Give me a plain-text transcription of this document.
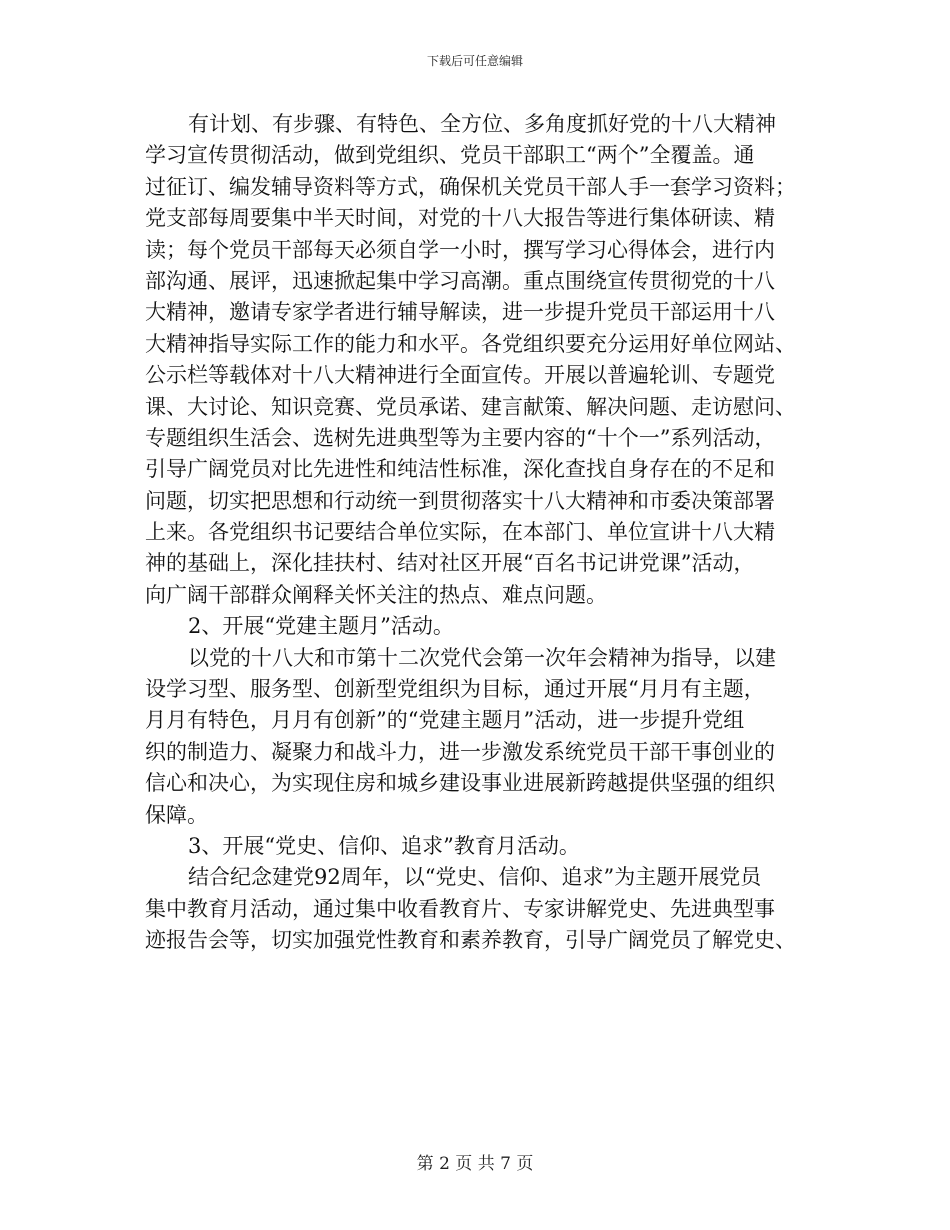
下载后可任意编辑
有计划、有步骤、有特色、全方位、多角度抓好党的十八大精神
学习宣传贯彻活动，做到党组织、党员干部职工“两个”全覆盖。通
过征订、编发辅导资料等方式，确保机关党员干部人手一套学习资料；
党支部每周要集中半天时间，对党的十八大报告等进行集体研读、精
读；每个党员干部每天必须自学一小时，撰写学习心得体会，进行内
部沟通、展评，迅速掀起集中学习高潮。重点围绕宣传贯彻党的十八
大精神，邀请专家学者进行辅导解读，进一步提升党员干部运用十八
大精神指导实际工作的能力和水平。各党组织要充分运用好单位网站、
公示栏等载体对十八大精神进行全面宣传。开展以普遍轮训、专题党
课、大讨论、知识竞赛、党员承诺、建言献策、解决问题、走访慰问、
专题组织生活会、选树先进典型等为主要内容的“十个一”系列活动，
引导广阔党员对比先进性和纯洁性标准，深化查找自身存在的不足和
问题，切实把思想和行动统一到贯彻落实十八大精神和市委决策部署
上来。各党组织书记要结合单位实际，在本部门、单位宣讲十八大精
神的基础上，深化挂扶村、结对社区开展“百名书记讲党课”活动，
向广阔干部群众阐释关怀关注的热点、难点问题。
2、开展“党建主题月”活动。
以党的十八大和市第十二次党代会第一次年会精神为指导，以建
设学习型、服务型、创新型党组织为目标，通过开展“月月有主题，
月月有特色，月月有创新”的“党建主题月”活动，进一步提升党组
织的制造力、凝聚力和战斗力，进一步激发系统党员干部干事创业的
信心和决心，为实现住房和城乡建设事业进展新跨越提供坚强的组织
保障。
3、开展“党史、信仰、追求”教育月活动。
结合纪念建党92周年，以“党史、信仰、追求”为主题开展党员
集中教育月活动，通过集中收看教育片、专家讲解党史、先进典型事
迹报告会等，切实加强党性教育和素养教育，引导广阔党员了解党史、
第 2 页 共 7 页
